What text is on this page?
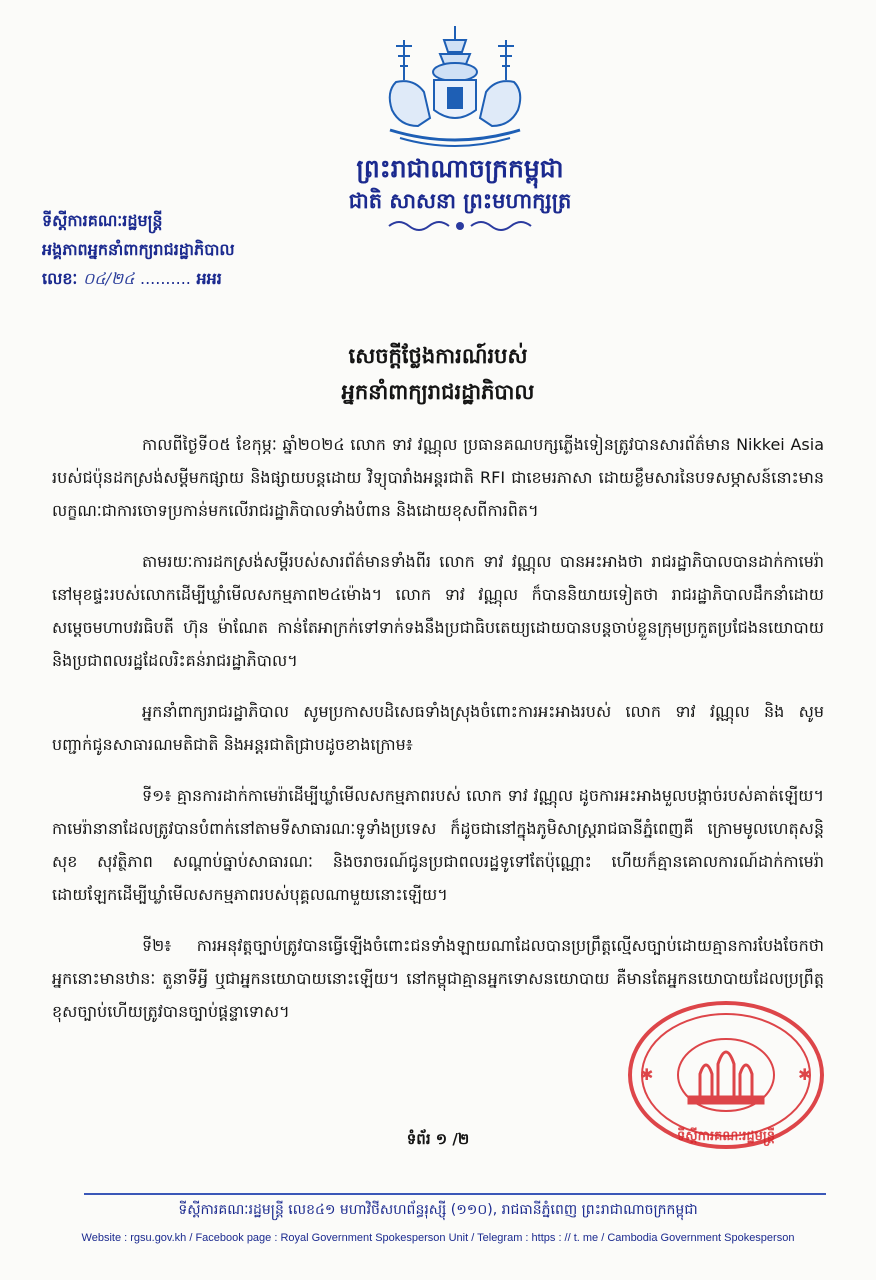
ព្រះរាជាណាចក្រកម្ពុជា
ជាតិ សាសនា ព្រះមហាក្សត្រ
ទីស្ដីការគណៈរដ្ឋមន្ត្រី
អង្គភាពអ្នកនាំពាក្យរាជរដ្ឋាភិបាល
លេខៈ ០៤/២៤ .......... អអរ
សេចក្តីថ្លែងការណ៍របស់
អ្នកនាំពាក្យរាជរដ្ឋាភិបាល

កាលពីថ្ងៃទី០៥ ខែកុម្ភៈ ឆ្នាំ២០២៤ លោក ទាវ វណ្ណុល ប្រធានគណបក្សភ្លើងទៀនត្រូវបានសារព័ត៌មាន Nikkei Asia របស់ជប៉ុនដកស្រង់សម្ដីមកផ្សាយ និងផ្សាយបន្តដោយ វិទ្យុបារាំងអន្តរជាតិ RFI ជាខេមរភាសា ដោយខ្លឹមសារនៃបទសម្ភាសន៍នោះមានលក្ខណៈជាការចោទប្រកាន់មកលើរាជរដ្ឋាភិបាលទាំងបំពាន និងដោយខុសពីការពិត។

តាមរយៈការដកស្រង់សម្ដីរបស់សារព័ត៌មានទាំងពីរ លោក ទាវ វណ្ណុល បានអះអាងថា រាជរដ្ឋាភិបាលបានដាក់កាមេរ៉ានៅមុខផ្ទះរបស់លោកដើម្បីឃ្លាំមើលសកម្មភាព២៤ម៉ោង។ លោក ទាវ វណ្ណុល ក៏បាននិយាយទៀតថា រាជរដ្ឋាភិបាលដឹកនាំដោយ សម្ដេចមហាបវរធិបតី ហ៊ុន ម៉ាណែត កាន់តែអាក្រក់ទៅទាក់ទងនឹងប្រជាធិបតេយ្យដោយបានបន្តចាប់ខ្លួនក្រុមប្រកួតប្រជែងនយោបាយ និងប្រជាពលរដ្ឋដែលរិះគន់រាជរដ្ឋាភិបាល។

អ្នកនាំពាក្យរាជរដ្ឋាភិបាល សូមប្រកាសបដិសេធទាំងស្រុងចំពោះការអះអាងរបស់ លោក ទាវ វណ្ណុល និង សូមបញ្ជាក់ជូនសាធារណមតិជាតិ និងអន្តរជាតិជ្រាបដូចខាងក្រោម៖

ទី១៖ គ្មានការដាក់កាមេរ៉ាដើម្បីឃ្លាំមើលសកម្មភាពរបស់ លោក ទាវ វណ្ណុល ដូចការអះអាងមួលបង្កាច់របស់គាត់ឡើយ។ កាមេរ៉ានានាដែលត្រូវបានបំពាក់នៅតាមទីសាធារណៈទូទាំងប្រទេស ក៏ដូចជានៅក្នុងភូមិសាស្ត្ររាជធានីភ្នំពេញគឺ ក្រោមមូលហេតុសន្តិសុខ សុវត្ថិភាព សណ្ដាប់ធ្នាប់សាធារណៈ និងចរាចរណ៍ជូនប្រជាពលរដ្ឋទូទៅតែប៉ុណ្ណោះ ហើយក៏គ្មានគោលការណ៍ដាក់កាមេរ៉ាដោយឡែកដើម្បីឃ្លាំមើលសកម្មភាពរបស់បុគ្គលណាមួយនោះឡើយ។

ទី២៖ ការអនុវត្តច្បាប់ត្រូវបានធ្វើឡើងចំពោះជនទាំងឡាយណាដែលបានប្រព្រឹត្តល្មើសច្បាប់ដោយគ្មានការបែងចែកថា អ្នកនោះមានឋានៈ តួនាទីអ្វី ឬជាអ្នកនយោបាយនោះឡើយ។ នៅកម្ពុជាគ្មានអ្នកទោសនយោបាយ គឺមានតែអ្នកនយោបាយដែលប្រព្រឹត្តខុសច្បាប់ហើយត្រូវបានច្បាប់ផ្ដន្ទាទោស។

✱	✱
ទីស្ដីការគណៈរដ្ឋមន្ត្រី
ទំព័រ ១ /២
ទីស្ដីការគណៈរដ្ឋមន្ត្រី លេខ៤១ មហាវិថីសហព័ន្ធរុស្ស៊ី (១១០), រាជធានីភ្នំពេញ ព្រះរាជាណាចក្រកម្ពុជា
Website : rgsu.gov.kh / Facebook page : Royal Government Spokesperson Unit / Telegram : https : // t. me / Cambodia Government Spokesperson
